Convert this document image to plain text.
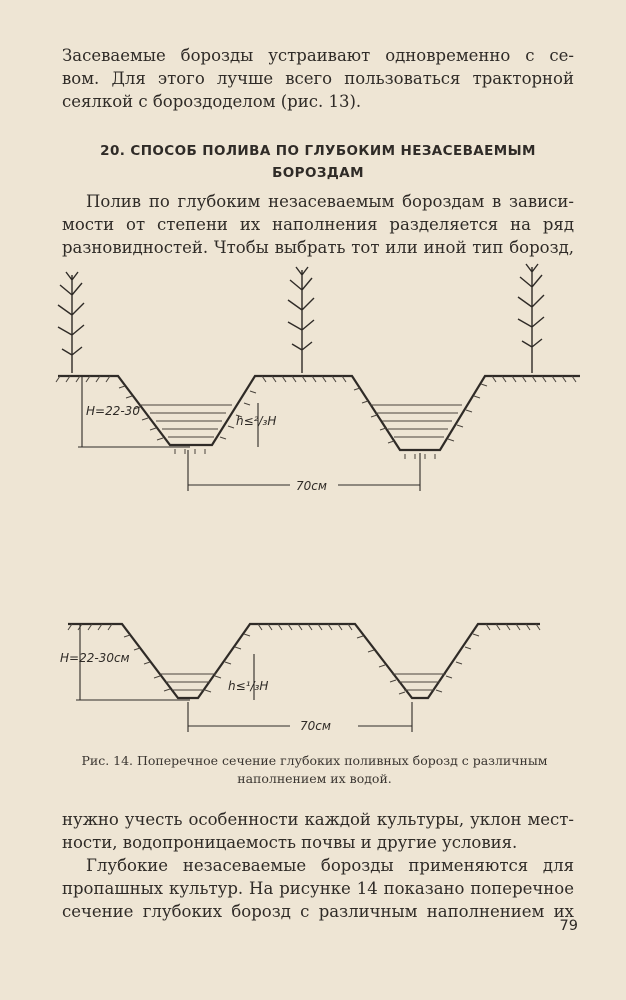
Засеваемые борозды устраивают одновременно с се-
вом. Для этого лучше всего пользоваться тракторной
сеялкой с бороздоделом (рис. 13).
20. СПОСОБ ПОЛИВА ПО ГЛУБОКИМ НЕЗАСЕВАЕМЫМ
БОРОЗДАМ
Полив по глубоким незасеваемым бороздам в зависи-
мости от степени их наполнения разделяется на ряд
разновидностей. Чтобы выбрать тот или иной тип борозд,
H=22-30
h≤²/₃H
70см
H=22-30см
h≤¹/₃H
70см
Рис. 14. Поперечное сечение глубоких поливных борозд с различным
наполнением их водой.
нужно учесть особенности каждой культуры, уклон мест-
ности, водопроницаемость почвы и другие условия.
Глубокие незасеваемые борозды применяются для
пропашных культур. На рисунке 14 показано поперечное
сечение глубоких борозд с различным наполнением их
79
